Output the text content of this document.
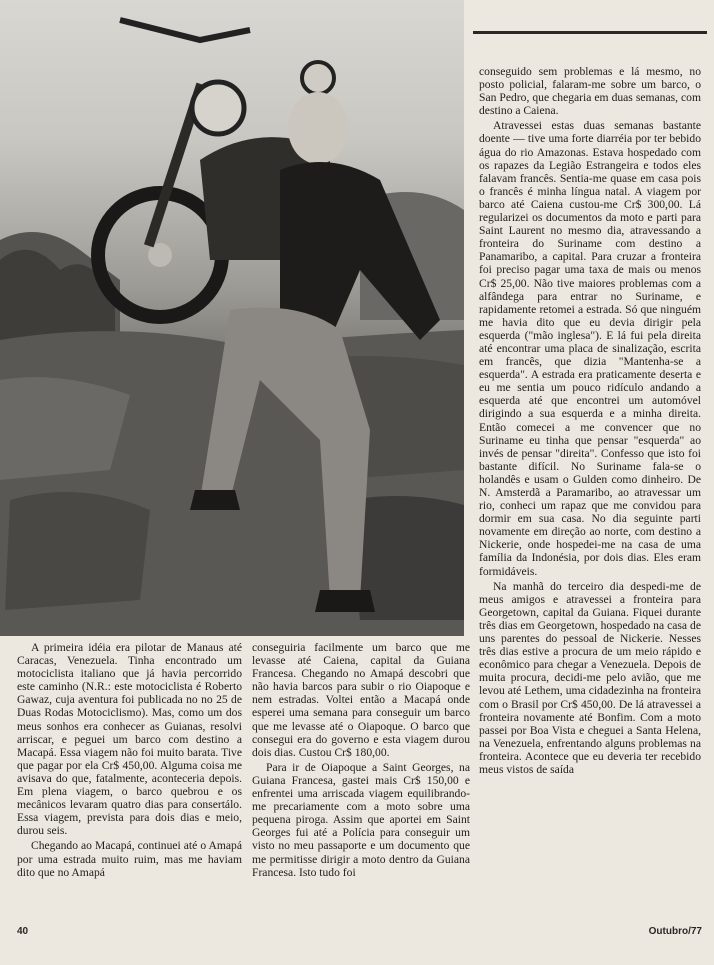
A primeira idéia era pilotar de Manaus até Caracas, Venezuela. Tinha encontrado um motociclista italiano que já havia percorrido este caminho (N.R.: este motociclista é Roberto Gawaz, cuja aventura foi publicada no no 25 de Duas Rodas Motociclismo). Mas, como um dos meus sonhos era conhecer as Guianas, resolvi arriscar, e peguei um barco com destino a Macapá. Essa viagem não foi muito barata. Tive que pagar por ela Cr$ 450,00. Alguma coisa me avisava do que, fatalmente, aconteceria depois. Em plena viagem, o barco quebrou e os mecânicos levaram quatro dias para consertálo. Essa viagem, prevista para dois dias e meio, durou seis.

Chegando ao Macapá, continuei até o Amapá por uma estrada muito ruim, mas me haviam dito que no Amapá

conseguiria facilmente um barco que me levasse até Caiena, capital da Guiana Francesa. Chegando no Amapá descobri que não havia barcos para subir o rio Oiapoque e nem estradas. Voltei então a Macapá onde esperei uma semana para conseguir um barco que me levasse até o Oiapoque. O barco que consegui era do governo e esta viagem durou dois dias. Custou Cr$ 180,00.

Para ir de Oiapoque a Saint Georges, na Guiana Francesa, gastei mais Cr$ 150,00 e enfrentei uma arriscada viagem equilibrando-me precariamente com a moto sobre uma pequena piroga. Assim que aportei em Saint Georges fui até a Polícia para conseguir um visto no meu passaporte e um documento que me permitisse dirigir a moto dentro da Guiana Francesa. Isto tudo foi

conseguido sem problemas e lá mesmo, no posto policial, falaram-me sobre um barco, o San Pedro, que chegaria em duas semanas, com destino a Caiena.

Atravessei estas duas semanas bastante doente — tive uma forte diarréia por ter bebido água do rio Amazonas. Estava hospedado com os rapazes da Legião Estrangeira e todos eles falavam francês. Sentia-me quase em casa pois o francês é minha língua natal. A viagem por barco até Caiena custou-me Cr$ 300,00. Lá regularizei os documentos da moto e parti para Saint Laurent no mesmo dia, atravessando a fronteira do Suriname com destino a Panamaribo, a capital. Para cruzar a fronteira foi preciso pagar uma taxa de mais ou menos Cr$ 25,00. Não tive maiores problemas com a alfândega para entrar no Suriname, e rapidamente retomei a estrada. Só que ninguém me havia dito que eu devia dirigir pela esquerda ("mão inglesa"). E lá fui pela direita até encontrar uma placa de sinalização, escrita em francês, que dizia "Mantenha-se a esquerda". A estrada era praticamente deserta e eu me sentia um pouco ridículo andando a esquerda até que encontrei um automóvel dirigindo a sua esquerda e a minha direita. Então comecei a me convencer que no Suriname eu tinha que pensar "esquerda" ao invés de pensar "direita". Confesso que isto foi bastante difícil. No Suriname fala-se o holandês e usam o Gulden como dinheiro. De N. Amsterdã a Paramaribo, ao atravessar um rio, conheci um rapaz que me convidou para dormir em sua casa. No dia seguinte parti novamente em direção ao norte, com destino a Nickerie, onde hospedei-me na casa de uma família da Indonésia, por dois dias. Eles eram formidáveis.

Na manhã do terceiro dia despedi-me de meus amigos e atravessei a fronteira para Georgetown, capital da Guiana. Fiquei durante três dias em Georgetown, hospedado na casa de uns parentes do pessoal de Nickerie. Nesses três dias estive a procura de um meio rápido e econômico para chegar a Venezuela. Depois de muita procura, decidi-me pelo avião, que me levou até Lethem, uma cidadezinha na fronteira com o Brasil por Cr$ 450,00. De lá atravessei a fronteira novamente até Bonfim. Com a moto passei por Boa Vista e cheguei a Santa Helena, na Venezuela, enfrentando alguns problemas na fronteira. Acontece que eu deveria ter recebido meus vistos de saída

40	Outubro/77
